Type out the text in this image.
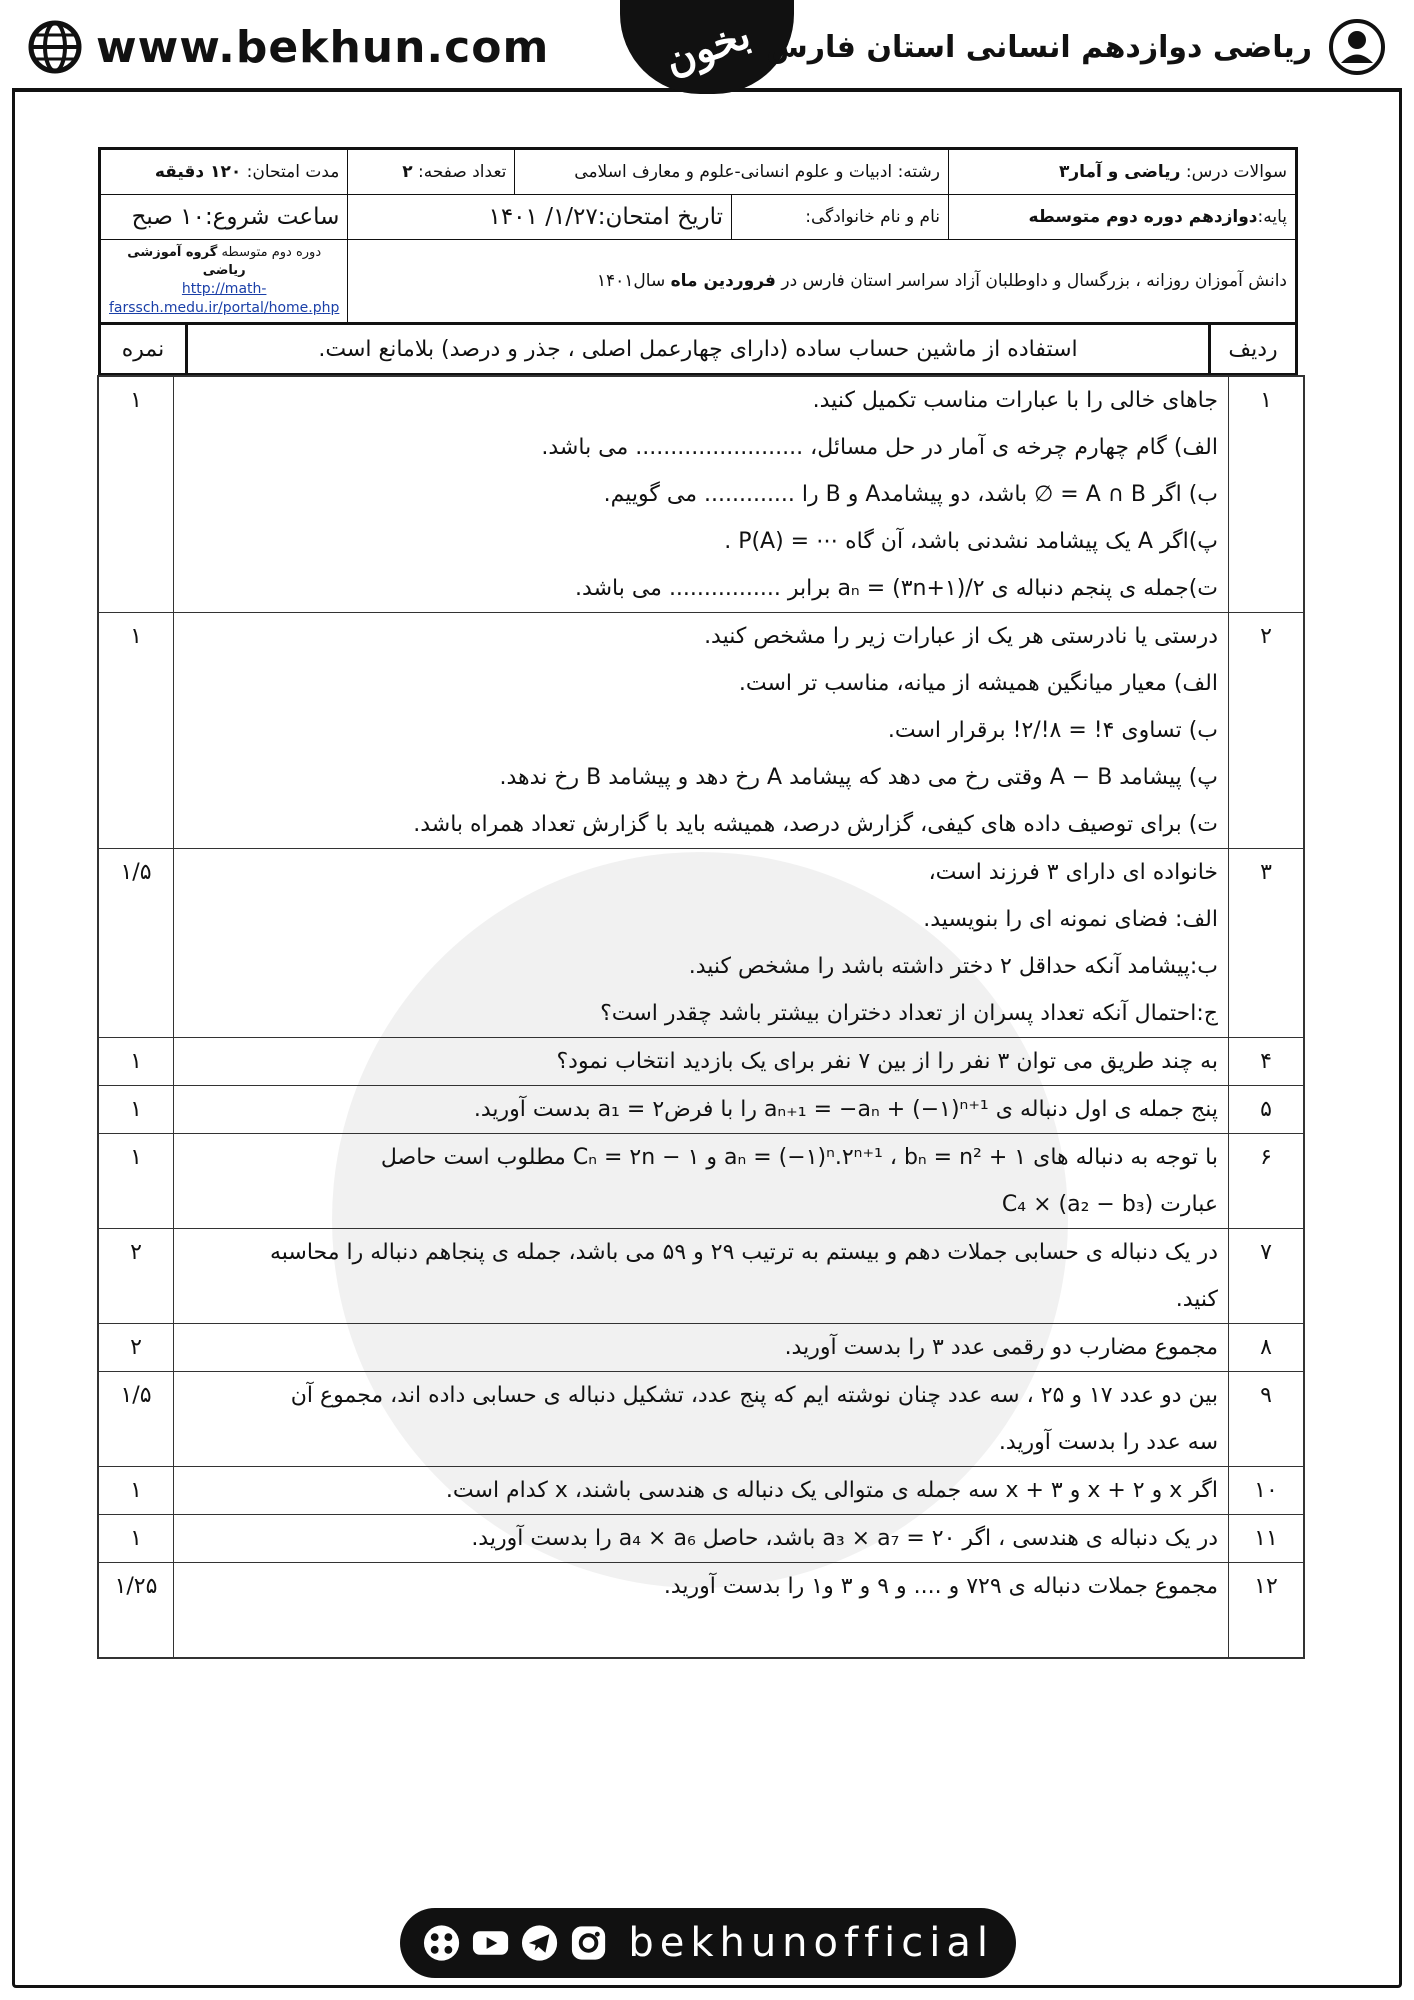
www.bekhun.com	بخون ریاضی دوازدهم انسانی استان فارس
سوالات درس: ریاضی و آمار۳	رشته: ادبیات و علوم انسانی-علوم و معارف اسلامی	تعداد صفحه: ۲	مدت امتحان: ۱۲۰ دقیقه
پایه:دوازدهم دوره دوم متوسطه	نام و نام خانوادگی:	تاریخ امتحان:۱/۲۷/ ۱۴۰۱	ساعت شروع:۱۰ صبح
دانش آموزان روزانه ، بزرگسال و داوطلبان آزاد سراسر استان فارس در فروردین ماه سال۱۴۰۱	دوره دوم متوسطه گروه آموزشی ریاضی
http://math-farssch.medu.ir/portal/home.php

ردیف	استفاده از ماشین حساب ساده (دارای چهارعمل اصلی ، جذر و درصد) بلامانع است.	نمره
۱	جاهای خالی را با عبارات مناسب تکمیل کنید.
الف) گام چهارم چرخه ی آمار در حل مسائل، ........................ می باشد.
ب) اگر A ∩ B = ∅ باشد، دو پیشامدA و B را ............. می گوییم.
پ)اگر A یک پیشامد نشدنی باشد، آن گاه ⋯ = P(A) .
ت)جمله ی پنجم دنباله ی aₙ = (۳n+۱)/۲ برابر ................ می باشد.	۱
۲	درستی یا نادرستی هر یک از عبارات زیر را مشخص کنید.
الف) معیار میانگین همیشه از میانه، مناسب تر است.
ب) تساوی ۴! = ۸!/۲! برقرار است.
پ) پیشامد A − B وقتی رخ می دهد که پیشامد A رخ دهد و پیشامد B رخ ندهد.
ت) برای توصیف داده های کیفی، گزارش درصد، همیشه باید با گزارش تعداد همراه باشد.	۱
۳	خانواده ای دارای ۳ فرزند است،
الف: فضای نمونه ای را بنویسید.
ب:پیشامد آنکه حداقل ۲ دختر داشته باشد را مشخص کنید.
ج:احتمال آنکه تعداد پسران از تعداد دختران بیشتر باشد چقدر است؟	۱/۵
۴	به چند طریق می توان ۳ نفر را از بین ۷ نفر برای یک بازدید انتخاب نمود؟	۱
۵	پنج جمله ی اول دنباله ی aₙ₊₁ = −aₙ + (−۱)ⁿ⁺¹ را با فرض۲ = a₁ بدست آورید.	۱
۶	با توجه به دنباله های aₙ = (−۱)ⁿ.۲ⁿ⁺¹ ، bₙ = n² + ۱ و Cₙ = ۲n − ۱ مطلوب است حاصل
عبارت (a₂ − b₃) × C₄	۱
۷	در یک دنباله ی حسابی جملات دهم و بیستم به ترتیب ۲۹ و ۵۹ می باشد، جمله ی پنجاهم دنباله را محاسبه
کنید.	۲
۸	مجموع مضارب دو رقمی عدد ۳ را بدست آورید.	۲
۹	بین دو عدد ۱۷ و ۲۵ ، سه عدد چنان نوشته ایم که پنج عدد، تشکیل دنباله ی حسابی داده اند، مجموع آن
سه عدد را بدست آورید.	۱/۵
۱۰	اگر x و x + ۲ و x + ۳ سه جمله ی متوالی یک دنباله ی هندسی باشند، x کدام است.	۱
۱۱	در یک دنباله ی هندسی ، اگر ۲۰ = a₃ × a₇ باشد، حاصل a₄ × a₆ را بدست آورید.	۱
۱۲	مجموع جملات دنباله ی ۷۲۹ و .... و ۹ و ۳ و۱ را بدست آورید.	۱/۲۵
bekhunofficial
